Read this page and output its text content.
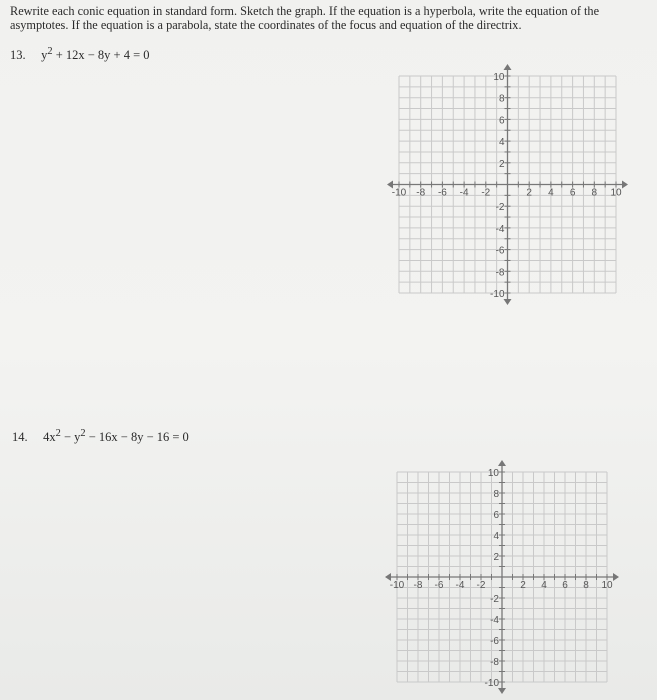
Rewrite each conic equation in standard form. Sketch the graph. If the equation is a hyperbola, write the equation of the asymptotes. If the equation is a parabola, state the coordinates of the focus and equation of the directrix.
13. $y^2 + 12x - 8y + 4 = 0$
-10 -8 -6 -4 -2	2 4 6 8 10
10
8
6
4
2
-2
-4
-6
-8
-10
14. $4x^2 - y^2 - 16x - 8y - 16 = 0$
-10 -8 -6 -4 -2	2 4 6 8 10
10
8
6
4
2
-2
-4
-6
-8
-10
